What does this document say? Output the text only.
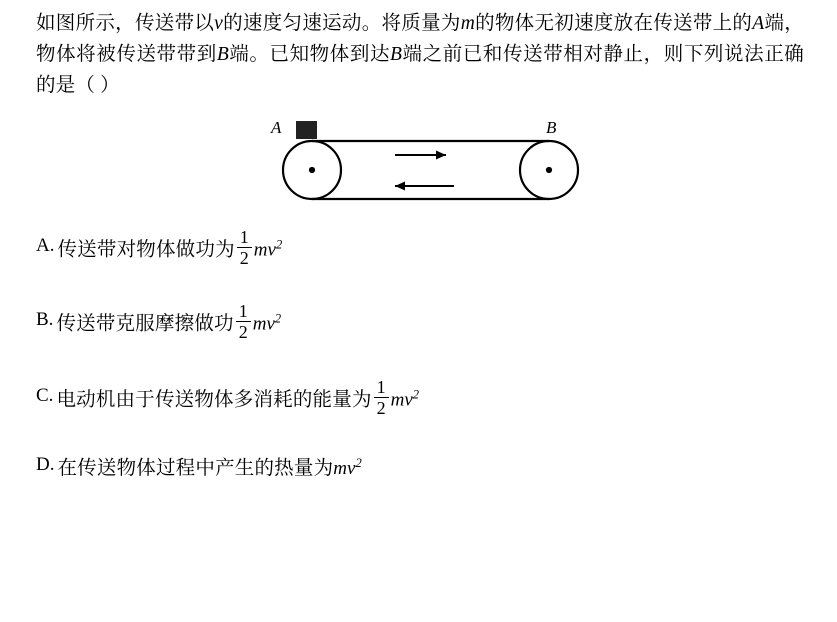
如图所示，传送带以v的速度匀速运动。将质量为m的物体无初速度放在传送带上的A端，物体将被传送带带到B端。已知物体到达B端之前已和传送带相对静止，则下列说法正确的是（ ）
A	B
A. 传送带对物体做功为 $\frac{1}{2} mv^2$
B. 传送带克服摩擦做功 $\frac{1}{2} mv^2$
C. 电动机由于传送物体多消耗的能量为 $\frac{1}{2} mv^2$
D. 在传送物体过程中产生的热量为$mv^2$
